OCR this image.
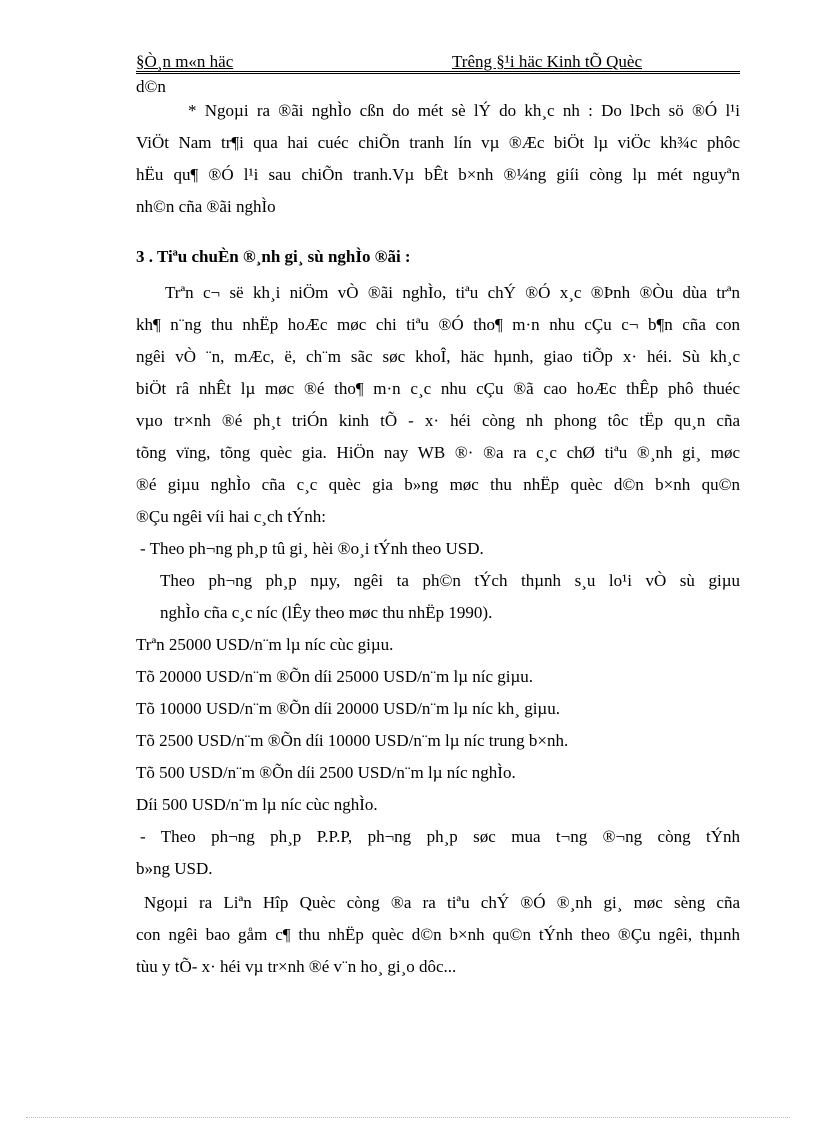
§Ò¸n m«n häc	Trêng §¹i häc Kinh tÕ Quèc
d©n
* Ngoµi ra ®ãi nghÌo cßn do mét sè lÝ do kh¸c nh : Do lÞch sö ®Ó l¹i
ViÖt Nam tr¶i qua hai cuéc chiÕn tranh lín vµ ®Æc biÖt lµ viÖc kh¾c phôc
hËu qu¶ ®Ó l¹i sau chiÕn tranh.Vµ bÊt b×nh ®¼ng giíi còng lµ mét nguyªn
nh©n cña ®ãi nghÌo
3 . Tiªu chuÈn ®¸nh gi¸ sù nghÌo ®ãi :
Trªn c¬ së kh¸i niÖm vÒ ®ãi nghÌo, tiªu chÝ ®Ó x¸c ®Þnh ®Òu dùa trªn
kh¶ n¨ng thu nhËp hoÆc møc chi tiªu ®Ó tho¶ m·n nhu cÇu c¬ b¶n cña con
ngêi vÒ ¨n, mÆc, ë, ch¨m sãc søc khoÎ, häc hµnh, giao tiÕp x· héi. Sù kh¸c
biÖt râ nhÊt lµ møc ®é tho¶ m·n c¸c nhu cÇu ®ã cao hoÆc thÊp phô thuéc
vµo tr×nh ®é ph¸t triÓn kinh tÕ - x· héi còng nh phong tôc tËp qu¸n cña
tõng vïng, tõng quèc gia. HiÖn nay WB ®· ®a ra c¸c chØ tiªu ®¸nh gi¸ møc
®é giµu nghÌo cña c¸c quèc gia b»ng møc thu nhËp quèc d©n b×nh qu©n
®Çu ngêi víi hai c¸ch tÝnh:
- Theo ph¬ng ph¸p tû gi¸ hèi ®o¸i tÝnh theo USD.
Theo ph¬ng ph¸p nµy, ngêi ta ph©n tÝch thµnh s¸u lo¹i vÒ sù giµu
nghÌo cña c¸c níc (lÊy theo møc thu nhËp 1990).
Trªn 25000 USD/n¨m lµ níc cùc giµu.
Tõ 20000 USD/n¨m ®Õn díi 25000 USD/n¨m lµ níc giµu.
Tõ 10000 USD/n¨m ®Õn díi 20000 USD/n¨m lµ níc kh¸ giµu.
Tõ 2500 USD/n¨m ®Õn díi 10000 USD/n¨m lµ níc trung b×nh.
Tõ 500 USD/n¨m ®Õn díi 2500 USD/n¨m lµ níc nghÌo.
Díi 500 USD/n¨m lµ níc cùc nghÌo.
- Theo ph¬ng ph¸p P.P.P, ph¬ng ph¸p søc mua t¬ng ®¬ng còng tÝnh
b»ng USD.
Ngoµi ra Liªn Hîp Quèc còng ®a ra tiªu chÝ ®Ó ®¸nh gi¸ møc sèng cña
con ngêi bao gåm c¶ thu nhËp quèc d©n b×nh qu©n tÝnh theo ®Çu ngêi, thµnh
tùu y tÕ- x· héi vµ tr×nh ®é v¨n ho¸ gi¸o dôc...
